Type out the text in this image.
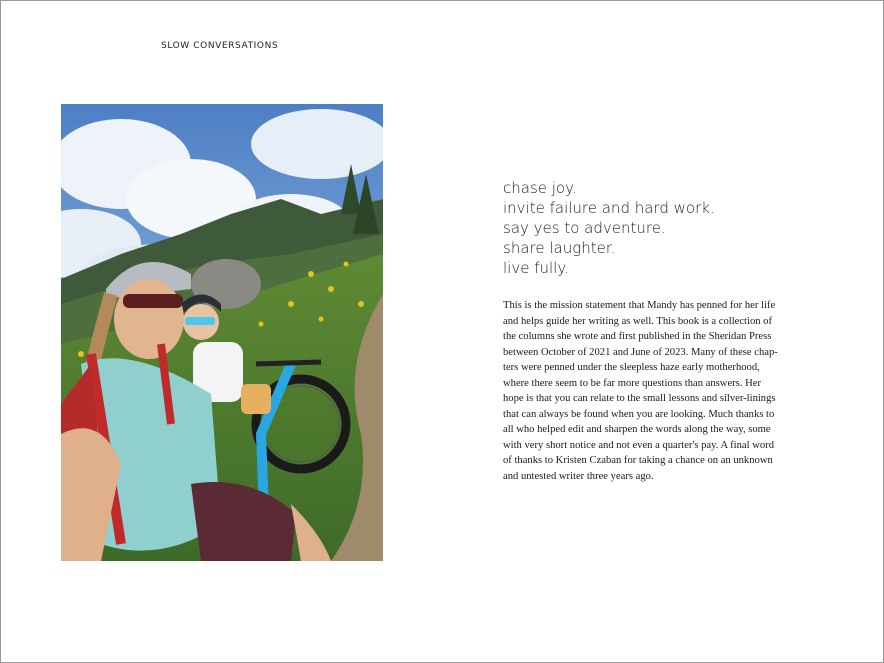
SLOW CONVERSATIONS
chase joy.
invite failure and hard work.
say yes to adventure.
share laughter.
live fully.
This is the mission statement that Mandy has penned for her life
and helps guide her writing as well. This book is a collection of
the columns she wrote and first published in the Sheridan Press
between October of 2021 and June of 2023. Many of these chap-
ters were penned under the sleepless haze early motherhood,
where there seem to be far more questions than answers. Her
hope is that you can relate to the small lessons and silver-linings
that can always be found when you are looking. Much thanks to
all who helped edit and sharpen the words along the way, some
with very short notice and not even a quarter's pay. A final word
of thanks to Kristen Czaban for taking a chance on an unknown
and untested writer three years ago.
